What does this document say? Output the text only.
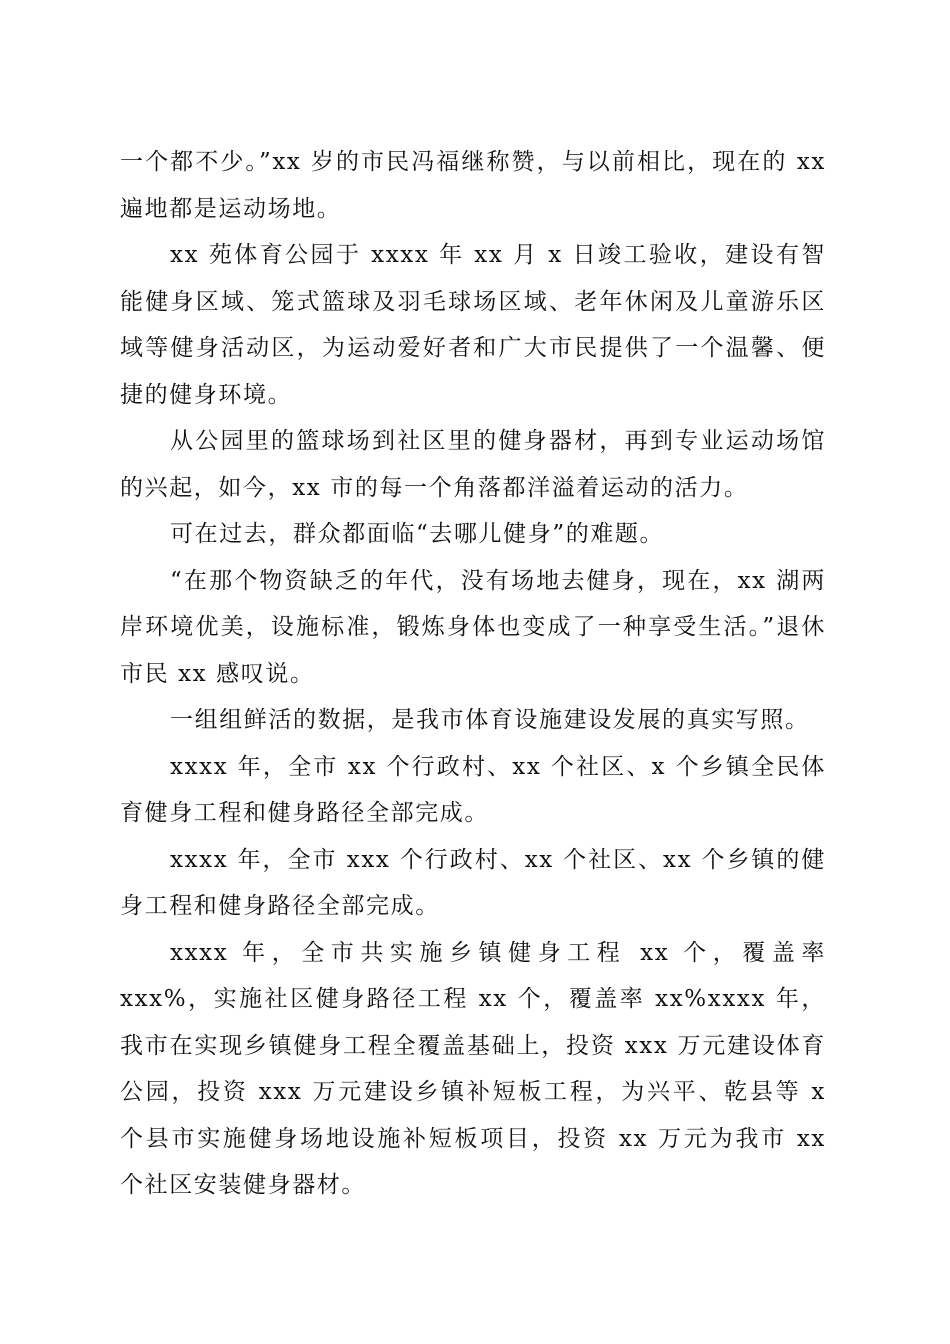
一个都不少。”xx 岁的市民冯福继称赞，与以前相比，现在的 xx 遍地都是运动场地。

xx 苑体育公园于 xxxx 年 xx 月 x 日竣工验收，建设有智能健身区域、笼式篮球及羽毛球场区域、老年休闲及儿童游乐区域等健身活动区，为运动爱好者和广大市民提供了一个温馨、便捷的健身环境。

从公园里的篮球场到社区里的健身器材，再到专业运动场馆的兴起，如今，xx 市的每一个角落都洋溢着运动的活力。

可在过去，群众都面临“去哪儿健身”的难题。

“在那个物资缺乏的年代，没有场地去健身，现在，xx 湖两岸环境优美，设施标准，锻炼身体也变成了一种享受生活。”退休市民 xx 感叹说。

一组组鲜活的数据，是我市体育设施建设发展的真实写照。

xxxx 年，全市 xx 个行政村、xx 个社区、x 个乡镇全民体育健身工程和健身路径全部完成。

xxxx 年，全市 xxx 个行政村、xx 个社区、xx 个乡镇的健身工程和健身路径全部完成。

xxxx 年，全市共实施乡镇健身工程 xx 个，覆盖率 xxx%，实施社区健身路径工程 xx 个，覆盖率 xx%xxxx 年，我市在实现乡镇健身工程全覆盖基础上，投资 xxx 万元建设体育公园，投资 xxx 万元建设乡镇补短板工程，为兴平、乾县等 x 个县市实施健身场地设施补短板项目，投资 xx 万元为我市 xx 个社区安装健身器材。
